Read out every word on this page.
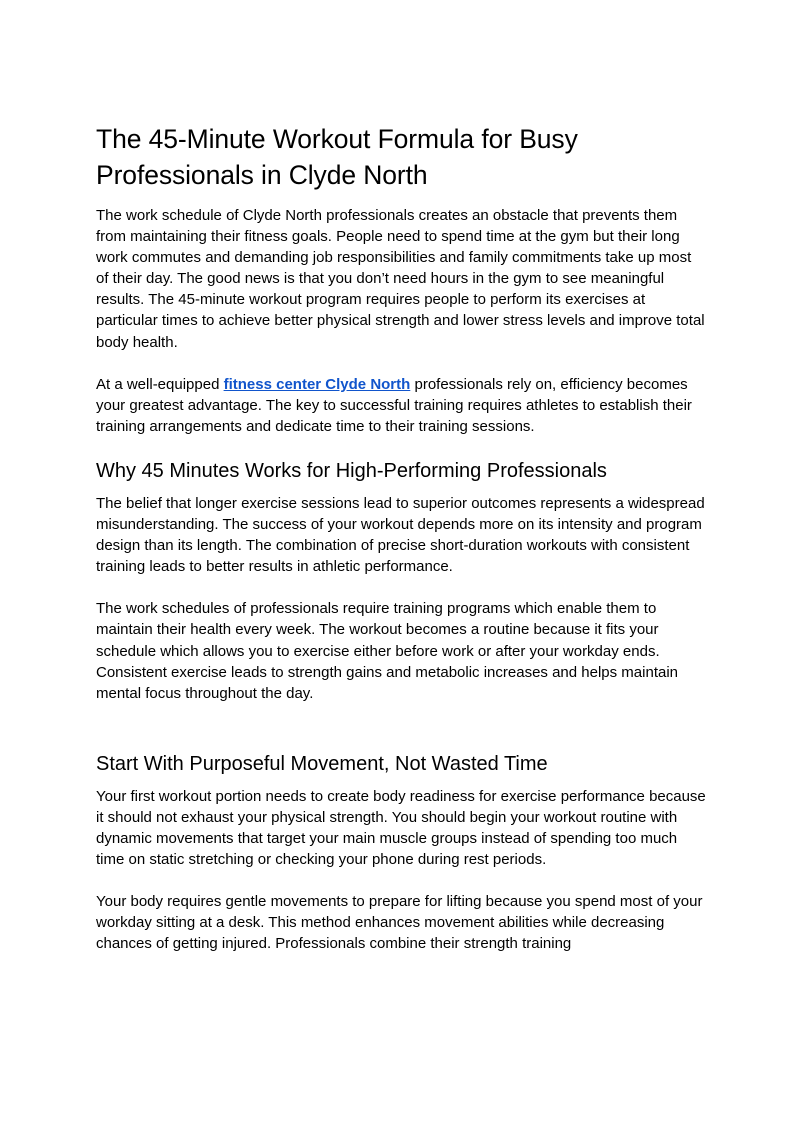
The 45-Minute Workout Formula for Busy Professionals in Clyde North

The work schedule of Clyde North professionals creates an obstacle that prevents them from maintaining their fitness goals. People need to spend time at the gym but their long work commutes and demanding job responsibilities and family commitments take up most of their day. The good news is that you don’t need hours in the gym to see meaningful results. The 45-minute workout program requires people to perform its exercises at particular times to achieve better physical strength and lower stress levels and improve total body health.

At a well-equipped fitness center Clyde North professionals rely on, efficiency becomes your greatest advantage. The key to successful training requires athletes to establish their training arrangements and dedicate time to their training sessions.

Why 45 Minutes Works for High-Performing Professionals

The belief that longer exercise sessions lead to superior outcomes represents a widespread misunderstanding. The success of your workout depends more on its intensity and program design than its length. The combination of precise short-duration workouts with consistent training leads to better results in athletic performance.

The work schedules of professionals require training programs which enable them to maintain their health every week. The workout becomes a routine because it fits your schedule which allows you to exercise either before work or after your workday ends. Consistent exercise leads to strength gains and metabolic increases and helps maintain mental focus throughout the day.

Start With Purposeful Movement, Not Wasted Time

Your first workout portion needs to create body readiness for exercise performance because it should not exhaust your physical strength. You should begin your workout routine with dynamic movements that target your main muscle groups instead of spending too much time on static stretching or checking your phone during rest periods.

Your body requires gentle movements to prepare for lifting because you spend most of your workday sitting at a desk. This method enhances movement abilities while decreasing chances of getting injured. Professionals combine their strength training
